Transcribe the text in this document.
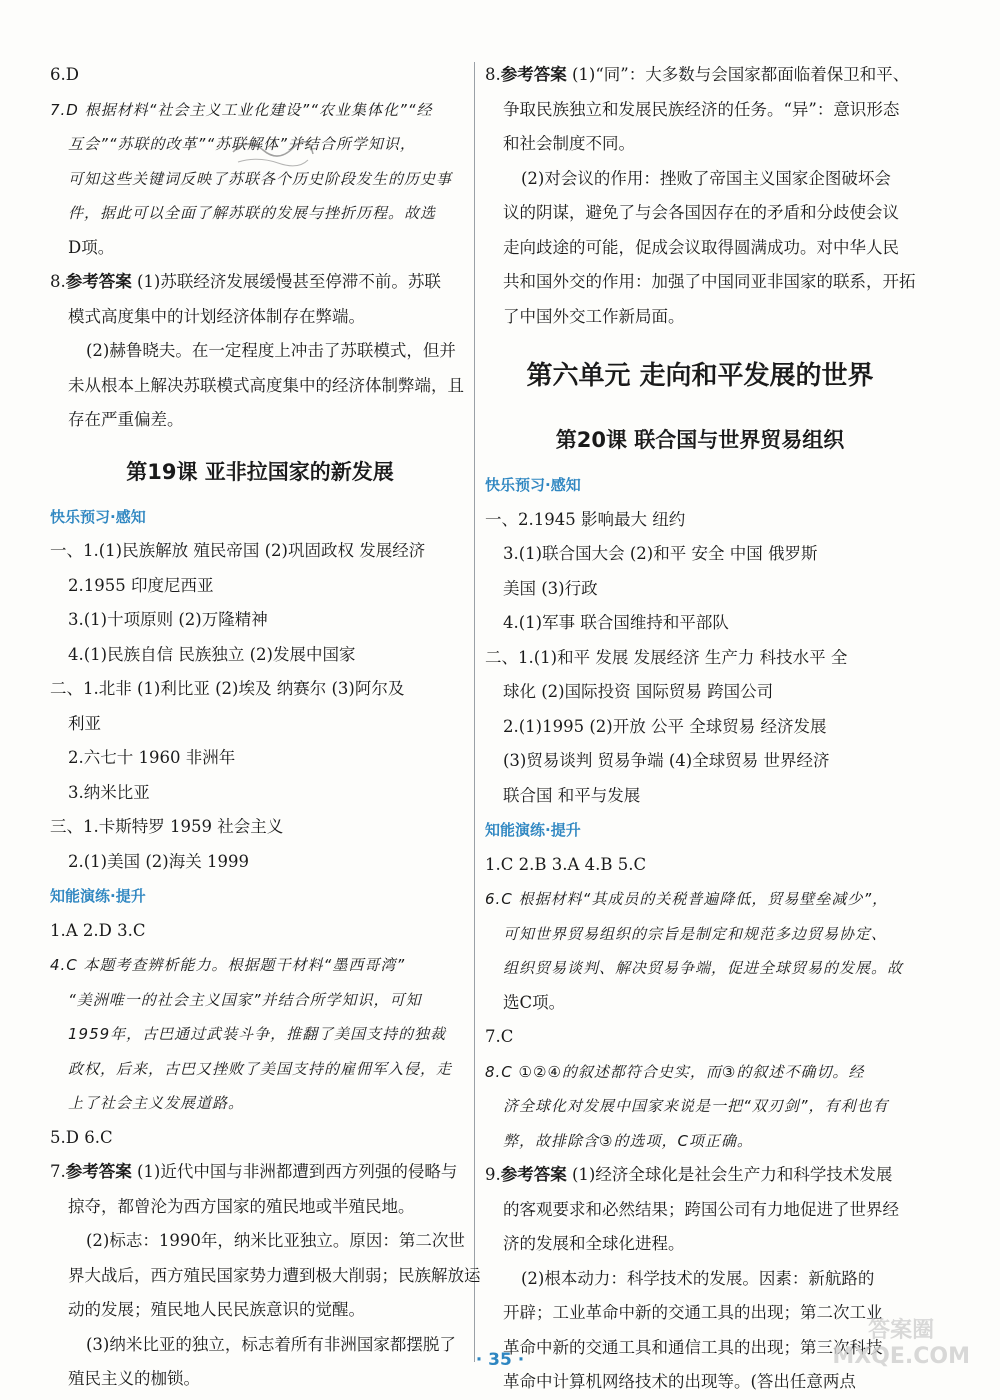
6.D
7.D 根据材料“社会主义工业化建设”“农业集体化”“经
互会”“苏联的改革”“苏联解体”并结合所学知识，
可知这些关键词反映了苏联各个历史阶段发生的历史事
件，据此可以全面了解苏联的发展与挫折历程。故选
D项。
8.参考答案 (1)苏联经济发展缓慢甚至停滞不前。苏联
模式高度集中的计划经济体制存在弊端。
(2)赫鲁晓夫。在一定程度上冲击了苏联模式，但并
未从根本上解决苏联模式高度集中的经济体制弊端，且
存在严重偏差。
第19课 亚非拉国家的新发展
快乐预习·感知
一、1.(1)民族解放 殖民帝国 (2)巩固政权 发展经济
2.1955 印度尼西亚
3.(1)十项原则 (2)万隆精神
4.(1)民族自信 民族独立 (2)发展中国家
二、1.北非 (1)利比亚 (2)埃及 纳赛尔 (3)阿尔及
利亚
2.六七十 1960 非洲年
3.纳米比亚
三、1.卡斯特罗 1959 社会主义
2.(1)美国 (2)海关 1999
知能演练·提升
1.A 2.D 3.C
4.C 本题考查辨析能力。根据题干材料“墨西哥湾”
“美洲唯一的社会主义国家”并结合所学知识，可知
1959年，古巴通过武装斗争，推翻了美国支持的独裁
政权，后来，古巴又挫败了美国支持的雇佣军入侵，走
上了社会主义发展道路。
5.D 6.C
7.参考答案 (1)近代中国与非洲都遭到西方列强的侵略与
掠夺，都曾沦为西方国家的殖民地或半殖民地。
(2)标志：1990年，纳米比亚独立。原因：第二次世
界大战后，西方殖民国家势力遭到极大削弱；民族解放运
动的发展；殖民地人民民族意识的觉醒。
(3)纳米比亚的独立，标志着所有非洲国家都摆脱了
殖民主义的枷锁。
8.参考答案 (1)“同”：大多数与会国家都面临着保卫和平、
争取民族独立和发展民族经济的任务。“异”：意识形态
和社会制度不同。
(2)对会议的作用：挫败了帝国主义国家企图破坏会
议的阴谋，避免了与会各国因存在的矛盾和分歧使会议
走向歧途的可能，促成会议取得圆满成功。对中华人民
共和国外交的作用：加强了中国同亚非国家的联系，开拓
了中国外交工作新局面。
第六单元 走向和平发展的世界
第20课 联合国与世界贸易组织
快乐预习·感知
一、2.1945 影响最大 纽约
3.(1)联合国大会 (2)和平 安全 中国 俄罗斯
美国 (3)行政
4.(1)军事 联合国维持和平部队
二、1.(1)和平 发展 发展经济 生产力 科技水平 全
球化 (2)国际投资 国际贸易 跨国公司
2.(1)1995 (2)开放 公平 全球贸易 经济发展
(3)贸易谈判 贸易争端 (4)全球贸易 世界经济
联合国 和平与发展
知能演练·提升
1.C 2.B 3.A 4.B 5.C
6.C 根据材料“其成员的关税普遍降低，贸易壁垒减少”，
可知世界贸易组织的宗旨是制定和规范多边贸易协定、
组织贸易谈判、解决贸易争端，促进全球贸易的发展。故
选C项。
7.C
8.C ①②④的叙述都符合史实，而③的叙述不确切。经
济全球化对发展中国家来说是一把“双刃剑”，有利也有
弊，故排除含③的选项，C项正确。
9.参考答案 (1)经济全球化是社会生产力和科学技术发展
的客观要求和必然结果；跨国公司有力地促进了世界经
济的发展和全球化进程。
(2)根本动力：科学技术的发展。因素：新航路的
开辟；工业革命中新的交通工具的出现；第二次工业
革命中新的交通工具和通信工具的出现；第三次科技
革命中计算机网络技术的出现等。(答出任意两点
· 35 ·
答案圈
MXQE.COM
